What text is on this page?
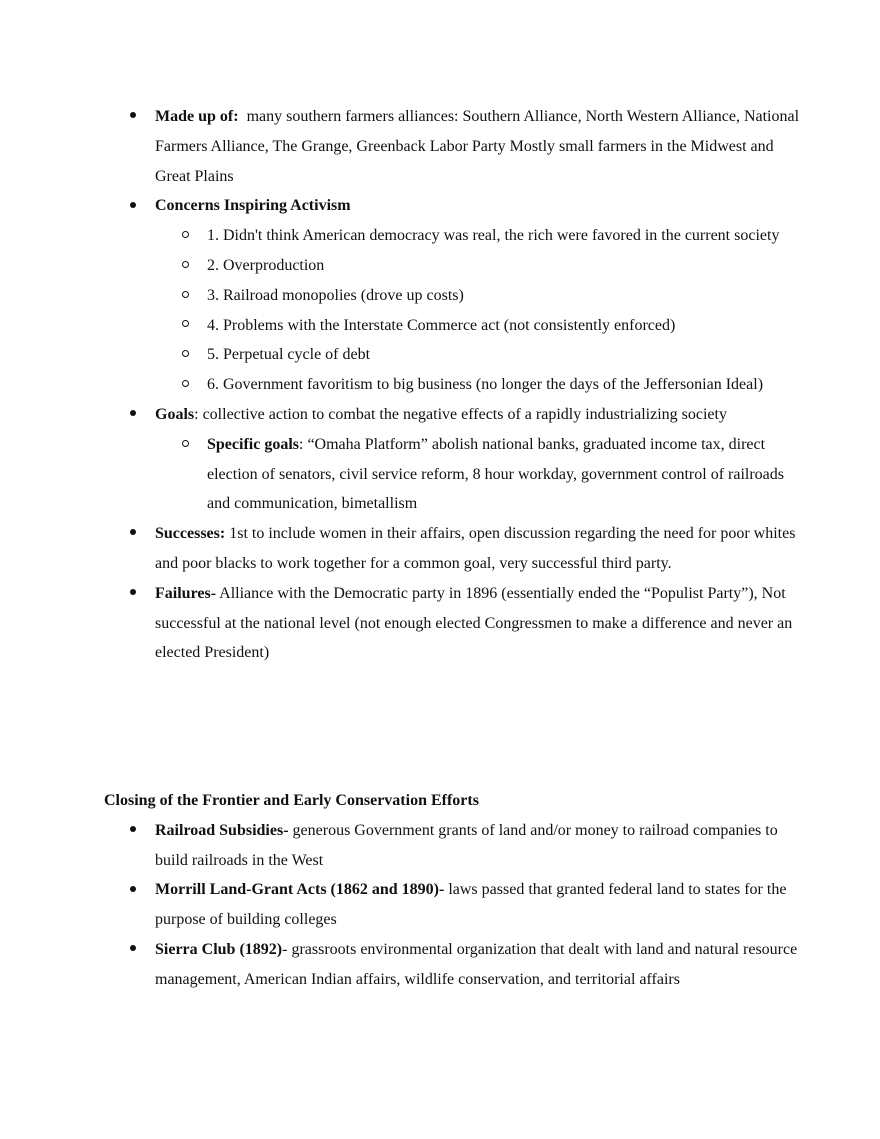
Made up of:  many southern farmers alliances: Southern Alliance, North Western Alliance, National Farmers Alliance, The Grange, Greenback Labor Party Mostly small farmers in the Midwest and Great Plains
Concerns Inspiring Activism
1. Didn't think American democracy was real, the rich were favored in the current society
2. Overproduction
3. Railroad monopolies (drove up costs)
4. Problems with the Interstate Commerce act (not consistently enforced)
5. Perpetual cycle of debt
6. Government favoritism to big business (no longer the days of the Jeffersonian Ideal)
Goals: collective action to combat the negative effects of a rapidly industrializing society
Specific goals: “Omaha Platform” abolish national banks, graduated income tax, direct election of senators, civil service reform, 8 hour workday, government control of railroads and communication, bimetallism
Successes: 1st to include women in their affairs, open discussion regarding the need for poor whites and poor blacks to work together for a common goal, very successful third party.
Failures- Alliance with the Democratic party in 1896 (essentially ended the “Populist Party”), Not successful at the national level (not enough elected Congressmen to make a difference and never an elected President)

Closing of the Frontier and Early Conservation Efforts

Railroad Subsidies- generous Government grants of land and/or money to railroad companies to build railroads in the West
Morrill Land-Grant Acts (1862 and 1890)- laws passed that granted federal land to states for the purpose of building colleges
Sierra Club (1892)- grassroots environmental organization that dealt with land and natural resource management, American Indian affairs, wildlife conservation, and territorial affairs
